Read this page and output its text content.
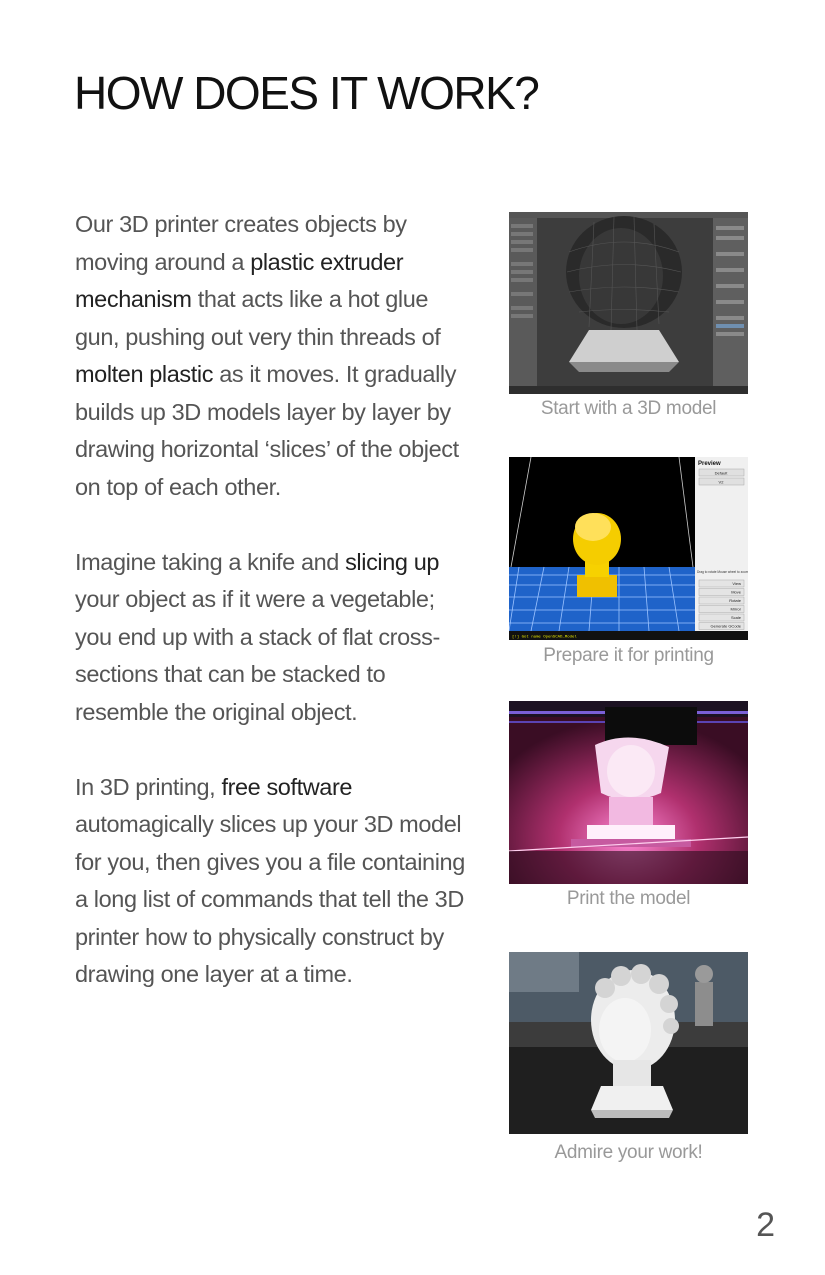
HOW DOES IT WORK?

Our 3D printer creates objects by moving around a plastic extruder mechanism that acts like a hot glue gun, pushing out very thin threads of molten plastic as it moves. It gradually builds up 3D models layer by layer by drawing horizontal ‘slices’ of the object on top of each other.

Imagine taking a knife and slicing up your object as if it were a vegetable; you end up with a stack of flat cross-sections that can be stacked to resemble the original object.

In 3D printing, free software automagically slices up your 3D model for you, then gives you a file containing a long list of commands that tell the 3D printer how to physically construct by drawing one layer at a time.

Start with a 3D model
Preview
Default
V2
Drag to rotate Mouse wheel to zoom
View
Move
Rotate
Mirror
Scale
Generate GCode
[!] Got name OpenSCAD_Model
Prepare it for printing
Print the model
Admire your work!
2
